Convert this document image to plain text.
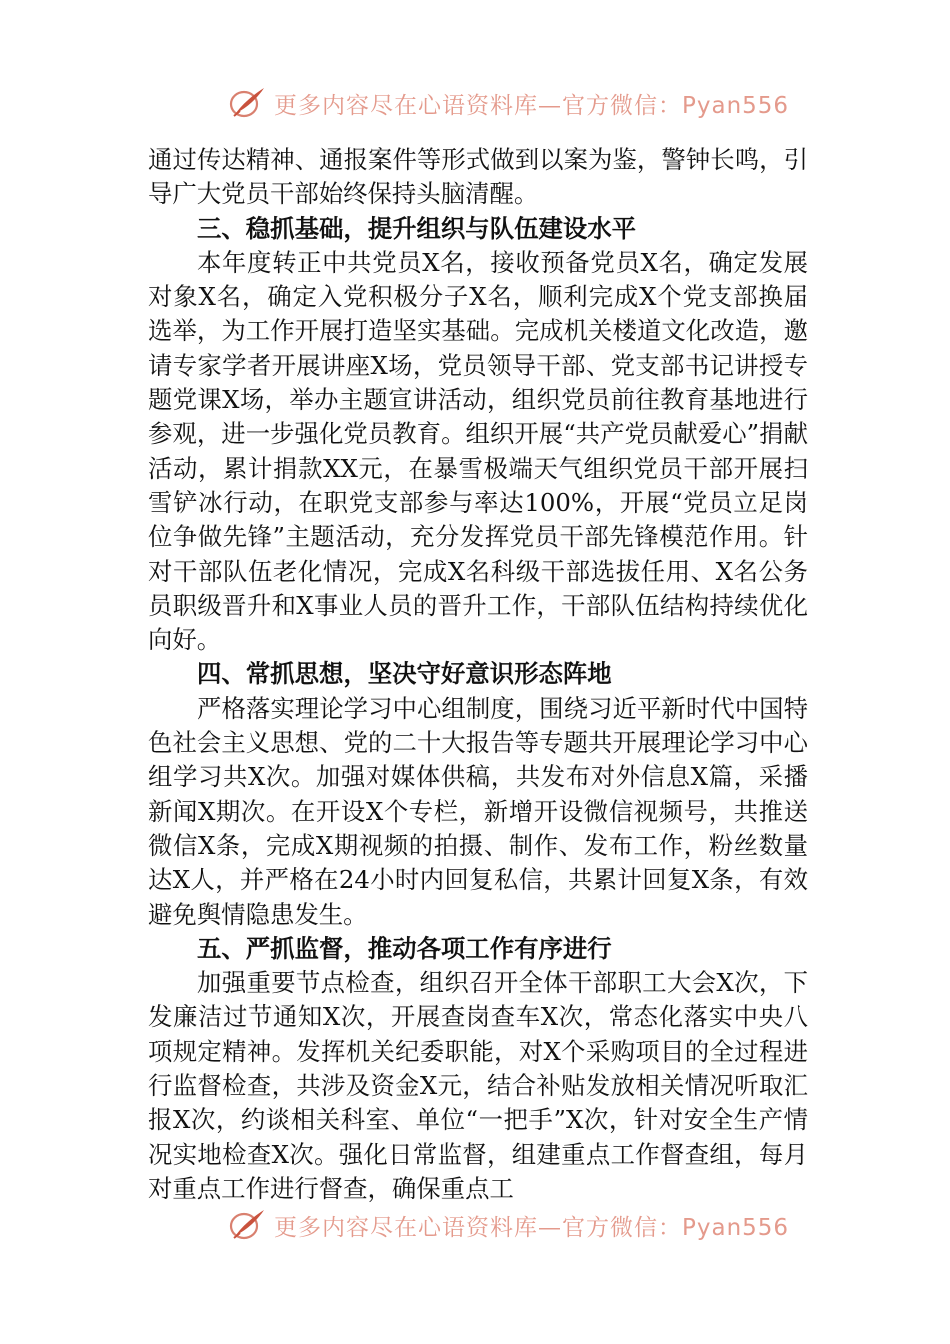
更多内容尽在心语资料库—官方微信：Pyan556

通过传达精神、通报案件等形式做到以案为鉴，警钟长鸣，引导广大党员干部始终保持头脑清醒。

三、稳抓基础，提升组织与队伍建设水平

本年度转正中共党员X名，接收预备党员X名，确定发展对象X名，确定入党积极分子X名，顺利完成X个党支部换届选举，为工作开展打造坚实基础。完成机关楼道文化改造，邀请专家学者开展讲座X场，党员领导干部、党支部书记讲授专题党课X场，举办主题宣讲活动，组织党员前往教育基地进行参观，进一步强化党员教育。组织开展“共产党员献爱心”捐献活动，累计捐款XX元，在暴雪极端天气组织党员干部开展扫雪铲冰行动，在职党支部参与率达100%，开展“党员立足岗位争做先锋”主题活动，充分发挥党员干部先锋模范作用。针对干部队伍老化情况，完成X名科级干部选拔任用、X名公务员职级晋升和X事业人员的晋升工作，干部队伍结构持续优化向好。

四、常抓思想，坚决守好意识形态阵地

严格落实理论学习中心组制度，围绕习近平新时代中国特色社会主义思想、党的二十大报告等专题共开展理论学习中心组学习共X次。加强对媒体供稿，共发布对外信息X篇，采播新闻X期次。在开设X个专栏，新增开设微信视频号，共推送微信X条，完成X期视频的拍摄、制作、发布工作，粉丝数量达X人，并严格在24小时内回复私信，共累计回复X条，有效避免舆情隐患发生。

五、严抓监督，推动各项工作有序进行

加强重要节点检查，组织召开全体干部职工大会X次，下发廉洁过节通知X次，开展查岗查车X次，常态化落实中央八项规定精神。发挥机关纪委职能，对X个采购项目的全过程进行监督检查，共涉及资金X元，结合补贴发放相关情况听取汇报X次，约谈相关科室、单位“一把手”X次，针对安全生产情况实地检查X次。强化日常监督，组建重点工作督查组，每月对重点工作进行督查，确保重点工

更多内容尽在心语资料库—官方微信：Pyan556
